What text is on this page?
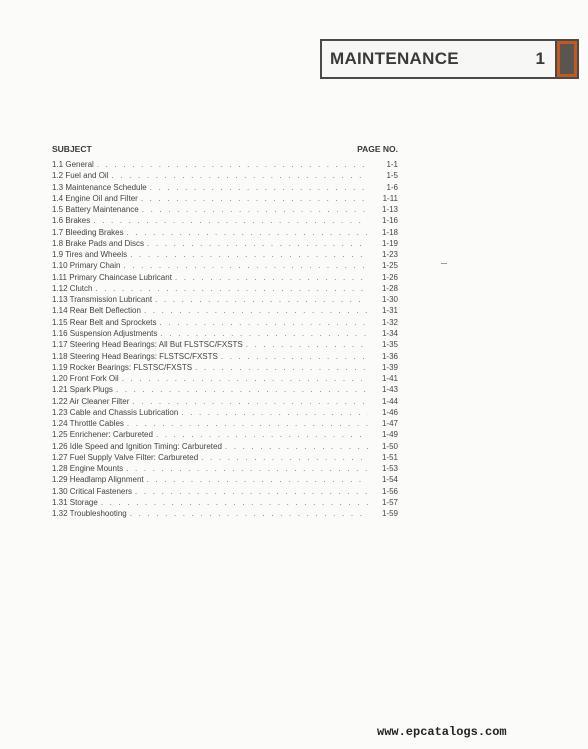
MAINTENANCE	1
SUBJECT	PAGE NO.
1.1 General . . .	1-1
1.2 Fuel and Oil . . .	1-5
1.3 Maintenance Schedule . . .	1-6
1.4 Engine Oil and Filter . . .	1-11
1.5 Battery Maintenance . . .	1-13
1.6 Brakes . . .	1-16
1.7 Bleeding Brakes . . .	1-18
1.8 Brake Pads and Discs . . .	1-19
1.9 Tires and Wheels . . .	1-23
1.10 Primary Chain . . .	1-25
1.11 Primary Chaincase Lubricant . . .	1-26
1.12 Clutch . . .	1-28
1.13 Transmission Lubricant . . .	1-30
1.14 Rear Belt Deflection . . .	1-31
1.15 Rear Belt and Sprockets . . .	1-32
1.16 Suspension Adjustments . . .	1-34
1.17 Steering Head Bearings: All But FLSTSC/FXSTS . . .	1-35
1.18 Steering Head Bearings: FLSTSC/FXSTS . . .	1-36
1.19 Rocker Bearings: FLSTSC/FXSTS . . .	1-39
1.20 Front Fork Oil . . .	1-41
1.21 Spark Plugs . . .	1-43
1.22 Air Cleaner Filter . . .	1-44
1.23 Cable and Chassis Lubrication . . .	1-46
1.24 Throttle Cables . . .	1-47
1.25 Enrichener: Carbureted . . .	1-49
1.26 Idle Speed and Ignition Timing: Carbureted . . .	1-50
1.27 Fuel Supply Valve Filter: Carbureted . . .	1-51
1.28 Engine Mounts . . .	1-53
1.29 Headlamp Alignment . . .	1-54
1.30 Critical Fasteners . . .	1-56
1.31 Storage . . .	1-57
1.32 Troubleshooting . . .	1-59
www.epcatalogs.com
